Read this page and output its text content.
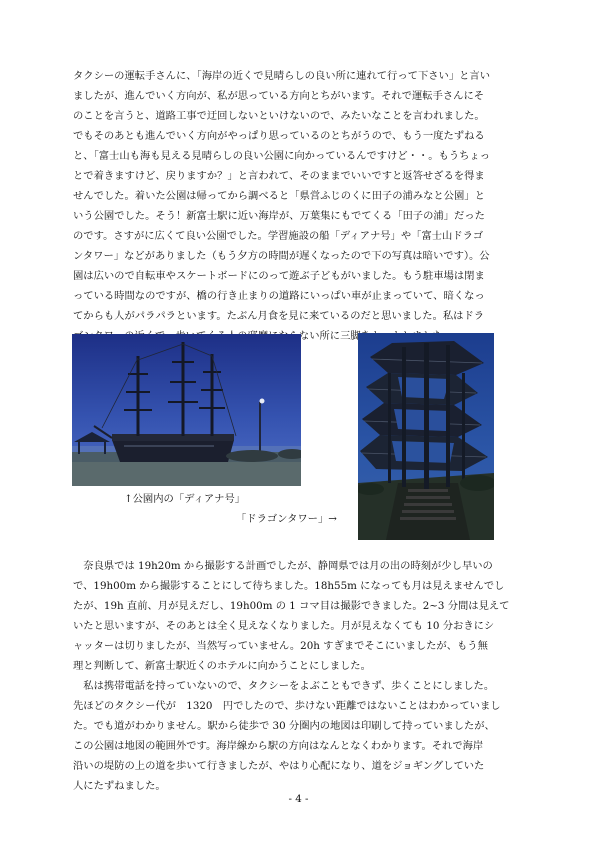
タクシーの運転手さんに、「海岸の近くで見晴らしの良い所に連れて行って下さい」と言い
ましたが、進んでいく方向が、私が思っている方向とちがいます。それで運転手さんにそ
のことを言うと、道路工事で迂回しないといけないので、みたいなことを言われました。
でもそのあとも進んでいく方向がやっぱり思っているのとちがうので、もう一度たずねる
と、「富士山も海も見える見晴らしの良い公園に向かっているんですけど・・。もうちょっ
とで着きますけど、戻りますか？」と言われて、そのままでいいですと返答せざるを得ま
せんでした。着いた公園は帰ってから調べると「県営ふじのくに田子の浦みなと公園」と
いう公園でした。そう！新富士駅に近い海岸が、万葉集にもでてくる「田子の浦」だった
のです。さすがに広くて良い公園でした。学習施設の船「ディアナ号」や「富士山ドラゴ
ンタワー」などがありました（もう夕方の時間が遅くなったので下の写真は暗いです）。公
園は広いので自転車やスケートボードにのって遊ぶ子どもがいました。もう駐車場は閉ま
っている時間なのですが、橋の行き止まりの道路にいっぱい車が止まっていて、暗くなっ
てからも人がパラパラといます。たぶん月食を見に来ているのだと思いました。私はドラ
↑公園内の「ディアナ号」
「ドラゴンタワー」→
　奈良県では 19h20m から撮影する計画でしたが、静岡県では月の出の時刻が少し早いの
で、19h00m から撮影することにして待ちました。18h55m になっても月は見えませんでし
たが、19h 直前、月が見えだし、19h00m の 1 コマ目は撮影できました。2~3 分間は見えて
いたと思いますが、そのあとは全く見えなくなりました。月が見えなくても 10 分おきにシ
ャッターは切りましたが、当然写っていません。20h すぎまでそこにいましたが、もう無
理と判断して、新富士駅近くのホテルに向かうことにしました。
　私は携帯電話を持っていないので、タクシーをよぶこともできず、歩くことにしました。
先ほどのタクシー代が　1320　円でしたので、歩けない距離ではないことはわかっていまし
た。でも道がわかりません。駅から徒歩で 30 分圏内の地図は印刷して持っていましたが、
この公園は地図の範囲外です。海岸線から駅の方向はなんとなくわかります。それで海岸
沿いの堤防の上の道を歩いて行きましたが、やはり心配になり、道をジョギングしていた
人にたずねました。
- 4 -
